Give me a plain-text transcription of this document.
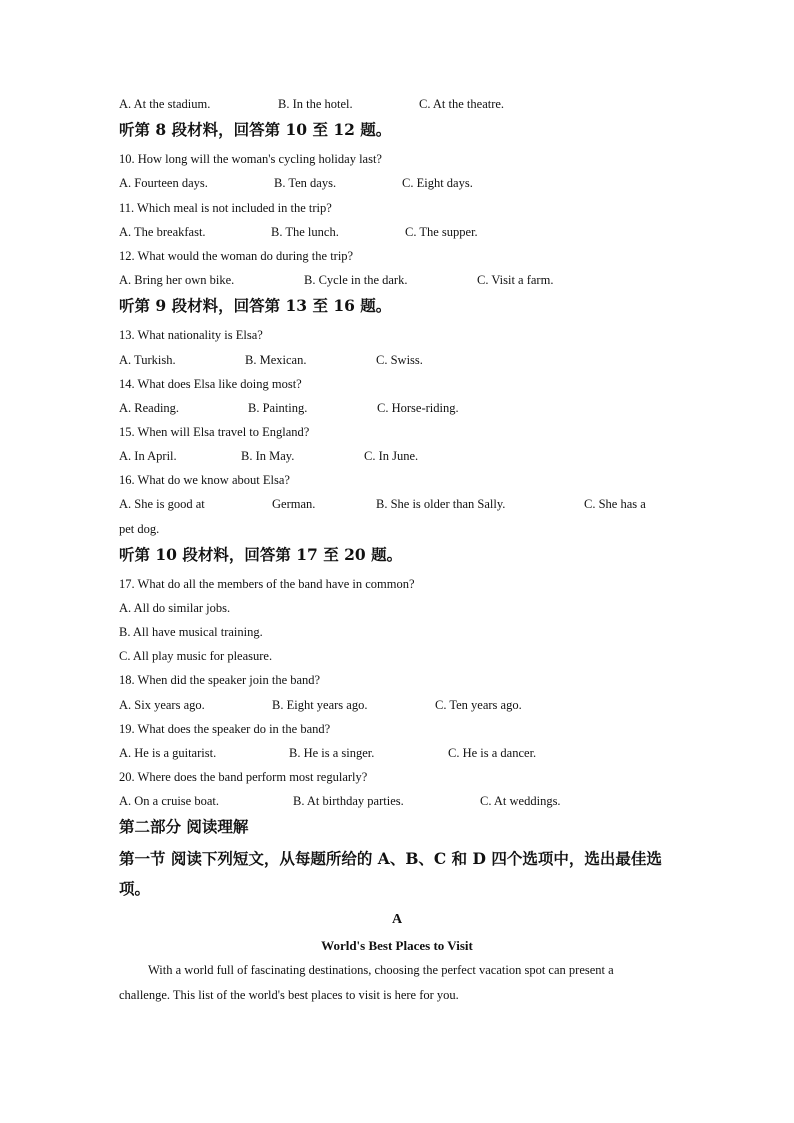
A. At the stadium.	B. In the hotel.	C. At the theatre.
听第 8 段材料，回答第 10 至 12 题。
10. How long will the woman's cycling holiday last?
A. Fourteen days.	B. Ten days.	C. Eight days.
11. Which meal is not included in the trip?
A. The breakfast.	B. The lunch.	C. The supper.
12. What would the woman do during the trip?
A. Bring her own bike.	B. Cycle in the dark.	C. Visit a farm.
听第 9 段材料，回答第 13 至 16 题。
13. What nationality is Elsa?
A. Turkish.	B. Mexican.	C. Swiss.
14. What does Elsa like doing most?
A. Reading.	B. Painting.	C. Horse-riding.
15. When will Elsa travel to England?
A. In April.	B. In May.	C. In June.
16. What do we know about Elsa?
A. She is good at	German.	B. She is older than Sally.	C. She has a
pet dog.
听第 10 段材料，回答第 17 至 20 题。
17. What do all the members of the band have in common?
A. All do similar jobs.
B. All have musical training.
C. All play music for pleasure.
18. When did the speaker join the band?
A. Six years ago.	B. Eight years ago.	C. Ten years ago.
19. What does the speaker do in the band?
A. He is a guitarist.	B. He is a singer.	C. He is a dancer.
20. Where does the band perform most regularly?
A. On a cruise boat.	B. At birthday parties.	C. At weddings.
第二部分 阅读理解
第一节 阅读下列短文，从每题所给的 A、B、C 和 D 四个选项中，选出最佳选
项。
A
World's Best Places to Visit
With a world full of fascinating destinations, choosing the perfect vacation spot can present a
challenge. This list of the world's best places to visit is here for you.
